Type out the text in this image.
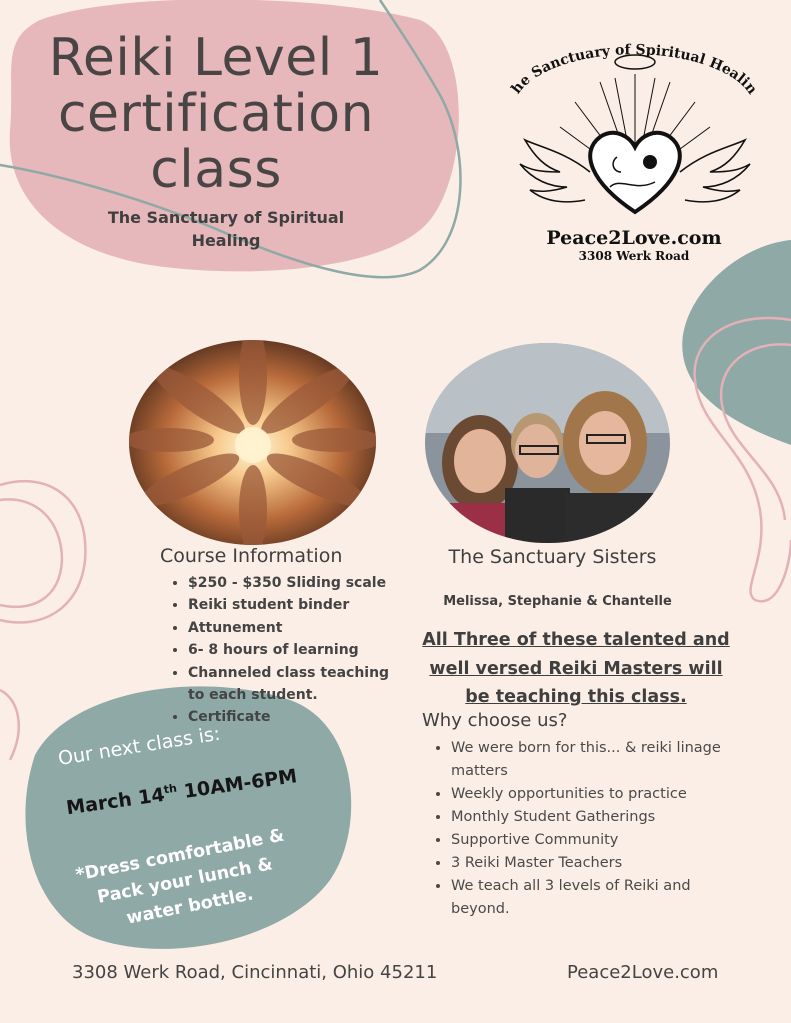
Reiki Level 1
certification
class
The Sanctuary of Spiritual Healing
he Sanctuary of Spiritual Healin
Peace2Love.com
3308 Werk Road
Course Information
• $250 - $350 Sliding scale
• Reiki student binder
• Attunement
• 6- 8 hours of learning
• Channeled class teaching to each student.
• Certificate
The Sanctuary Sisters
Melissa, Stephanie & Chantelle
All Three of these talented and well versed Reiki Masters will be teaching this class.
Why choose us?
• We were born for this... & reiki linage matters
• Weekly opportunities to practice
• Monthly Student Gatherings
• Supportive Community
• 3 Reiki Master Teachers
• We teach all 3 levels of Reiki and beyond.
Our next class is:
March 14th 10AM-6PM
*Dress comfortable & Pack your lunch & water bottle.
3308 Werk Road, Cincinnati, Ohio 45211	Peace2Love.com
